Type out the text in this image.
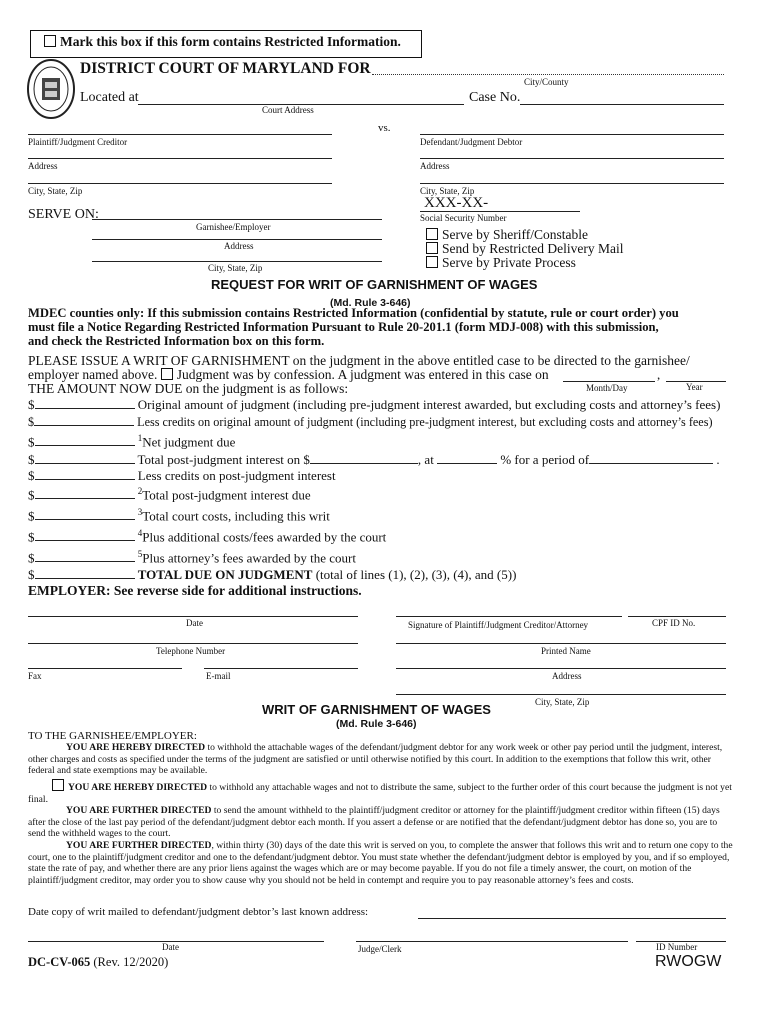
Mark this box if this form contains Restricted Information.
DISTRICT COURT OF MARYLAND FOR
City/County
Located at
Court Address
Case No.
vs.
Plaintiff/Judgment Creditor
Address
City, State, Zip
Defendant/Judgment Debtor
Address
City, State, Zip
XXX-XX-
Social Security Number
SERVE ON:
Garnishee/Employer
Address
City, State, Zip
Serve by Sheriff/Constable
Send by Restricted Delivery Mail
Serve by Private Process
REQUEST FOR WRIT OF GARNISHMENT OF WAGES
(Md. Rule 3-646)
MDEC counties only: If this submission contains Restricted Information (confidential by statute, rule or court order) you
must file a Notice Regarding Restricted Information Pursuant to Rule 20-201.1 (form MDJ-008) with this submission,
and check the Restricted Information box on this form.
PLEASE ISSUE A WRIT OF GARNISHMENT on the judgment in the above entitled case to be directed to the garnishee/
employer named above. Judgment was by confession. A judgment was entered in this case on	,
Month/Day	Year
THE AMOUNT NOW DUE on the judgment is as follows:
$	Original amount of judgment (including pre-judgment interest awarded, but excluding costs and attorney’s fees)
$	Less credits on original amount of judgment (including pre-judgment interest, but excluding costs and attorney’s fees)
$	$^1$Net judgment due
$	Total post-judgment interest on $	, at	% for a period of	.
$	Less credits on post-judgment interest
$	$^2$Total post-judgment interest due
$	$^3$Total court costs, including this writ
$	$^4$Plus additional costs/fees awarded by the court
$	$^5$Plus attorney’s fees awarded by the court
$	TOTAL DUE ON JUDGMENT (total of lines (1), (2), (3), (4), and (5))
EMPLOYER: See reverse side for additional instructions.
Date	Signature of Plaintiff/Judgment Creditor/Attorney	CPF ID No.
Telephone Number	Printed Name
Fax	E-mail	Address
City, State, Zip
WRIT OF GARNISHMENT OF WAGES
(Md. Rule 3-646)
TO THE GARNISHEE/EMPLOYER:
YOU ARE HEREBY DIRECTED to withhold the attachable wages of the defendant/judgment debtor for any work week or other pay period until the judgment, interest, other charges and costs as specified under the terms of the judgment are satisfied or until otherwise notified by this court. In addition to the exemptions that follow this writ, other federal and state exemptions may be available.
YOU ARE HEREBY DIRECTED to withhold any attachable wages and not to distribute the same, subject to the further order of this court because the judgment is not yet final.
YOU ARE FURTHER DIRECTED to send the amount withheld to the plaintiff/judgment creditor or attorney for the plaintiff/judgment creditor within fifteen (15) days after the close of the last pay period of the defendant/judgment debtor each month. If you assert a defense or are notified that the defendant/judgment debtor has done so, you are to send the withheld wages to the court.
YOU ARE FURTHER DIRECTED, within thirty (30) days of the date this writ is served on you, to complete the answer that follows this writ and to return one copy to the court, one to the plaintiff/judgment creditor and one to the defendant/judgment debtor. You must state whether the defendant/judgment debtor is employed by you, and if so employed, state the rate of pay, and whether there are any prior liens against the wages which are or may become payable. If you do not file a timely answer, the court, on motion of the plaintiff/judgment creditor, may order you to show cause why you should not be held in contempt and require you to pay reasonable attorney’s fees and costs.
Date copy of writ mailed to defendant/judgment debtor’s last known address:
Date	Judge/Clerk	ID Number
DC-CV-065 (Rev. 12/2020)	RWOGW
